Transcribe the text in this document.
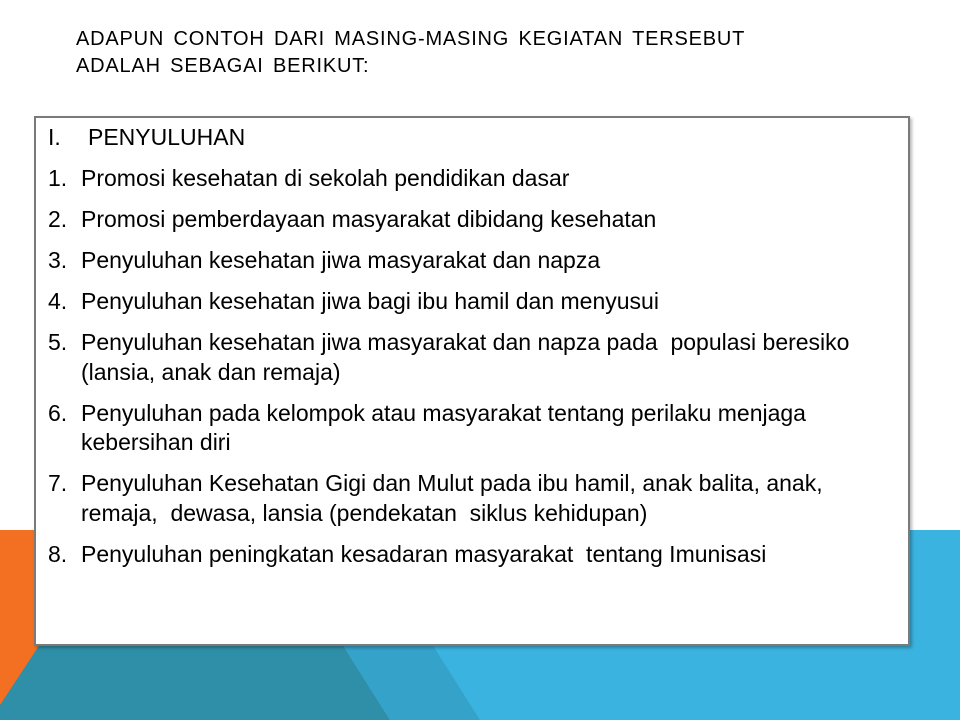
ADAPUN CONTOH DARI MASING-MASING KEGIATAN TERSEBUT
ADALAH SEBAGAI BERIKUT:

I. PENYULUHAN

1. Promosi kesehatan di sekolah pendidikan dasar
2. Promosi pemberdayaan masyarakat dibidang kesehatan
3. Penyuluhan kesehatan jiwa masyarakat dan napza
4. Penyuluhan kesehatan jiwa bagi ibu hamil dan menyusui
5. Penyuluhan kesehatan jiwa masyarakat dan napza pada  populasi beresiko (lansia, anak dan remaja)
6. Penyuluhan pada kelompok atau masyarakat tentang perilaku menjaga kebersihan diri
7. Penyuluhan Kesehatan Gigi dan Mulut pada ibu hamil, anak balita, anak, remaja,  dewasa, lansia (pendekatan  siklus kehidupan)
8. Penyuluhan peningkatan kesadaran masyarakat  tentang Imunisasi
